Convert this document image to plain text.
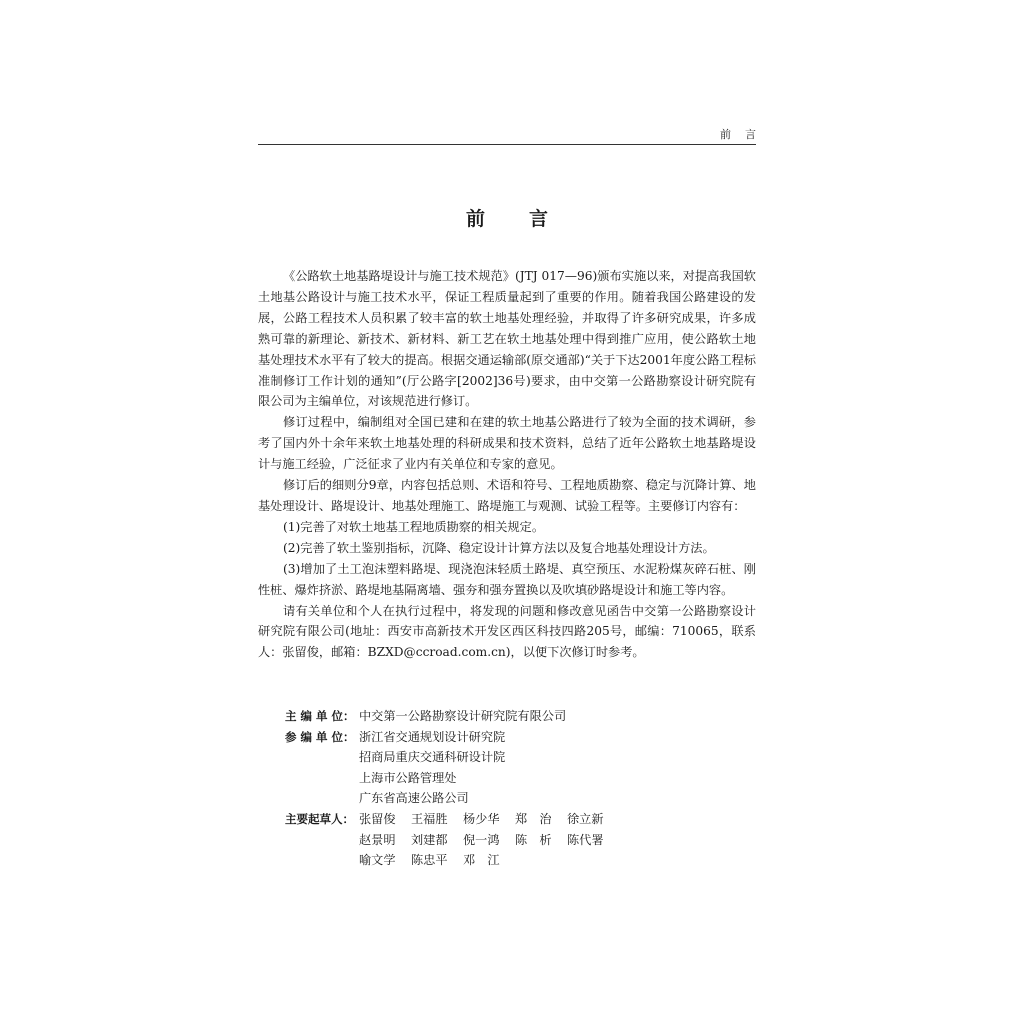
前言
前言

《公路软土地基路堤设计与施工技术规范》(JTJ 017—96)颁布实施以来，对提高我国软土地基公路设计与施工技术水平，保证工程质量起到了重要的作用。随着我国公路建设的发展，公路工程技术人员积累了较丰富的软土地基处理经验，并取得了许多研究成果，许多成熟可靠的新理论、新技术、新材料、新工艺在软土地基处理中得到推广应用，使公路软土地基处理技术水平有了较大的提高。根据交通运输部(原交通部)“关于下达2001年度公路工程标准制修订工作计划的通知”(厅公路字[2002]36号)要求，由中交第一公路勘察设计研究院有限公司为主编单位，对该规范进行修订。

修订过程中，编制组对全国已建和在建的软土地基公路进行了较为全面的技术调研，参考了国内外十余年来软土地基处理的科研成果和技术资料，总结了近年公路软土地基路堤设计与施工经验，广泛征求了业内有关单位和专家的意见。

修订后的细则分9章，内容包括总则、术语和符号、工程地质勘察、稳定与沉降计算、地基处理设计、路堤设计、地基处理施工、路堤施工与观测、试验工程等。主要修订内容有：

(1)完善了对软土地基工程地质勘察的相关规定。

(2)完善了软土鉴别指标，沉降、稳定设计计算方法以及复合地基处理设计方法。

(3)增加了土工泡沫塑料路堤、现浇泡沫轻质土路堤、真空预压、水泥粉煤灰碎石桩、刚性桩、爆炸挤淤、路堤地基隔离墙、强夯和强夯置换以及吹填砂路堤设计和施工等内容。

请有关单位和个人在执行过程中，将发现的问题和修改意见函告中交第一公路勘察设计研究院有限公司(地址：西安市高新技术开发区西区科技四路205号，邮编：710065，联系人：张留俊，邮箱：BZXD@ccroad.com.cn)，以便下次修订时参考。

主 编 单 位： 中交第一公路勘察设计研究院有限公司
参 编 单 位： 浙江省交通规划设计研究院
招商局重庆交通科研设计院
上海市公路管理处
广东省高速公路公司
主要起草人： 张留俊	王福胜	杨少华	郑　治	徐立新
赵景明	刘建都	倪一鸿	陈　析	陈代署
喻文学	陈忠平	邓　江
